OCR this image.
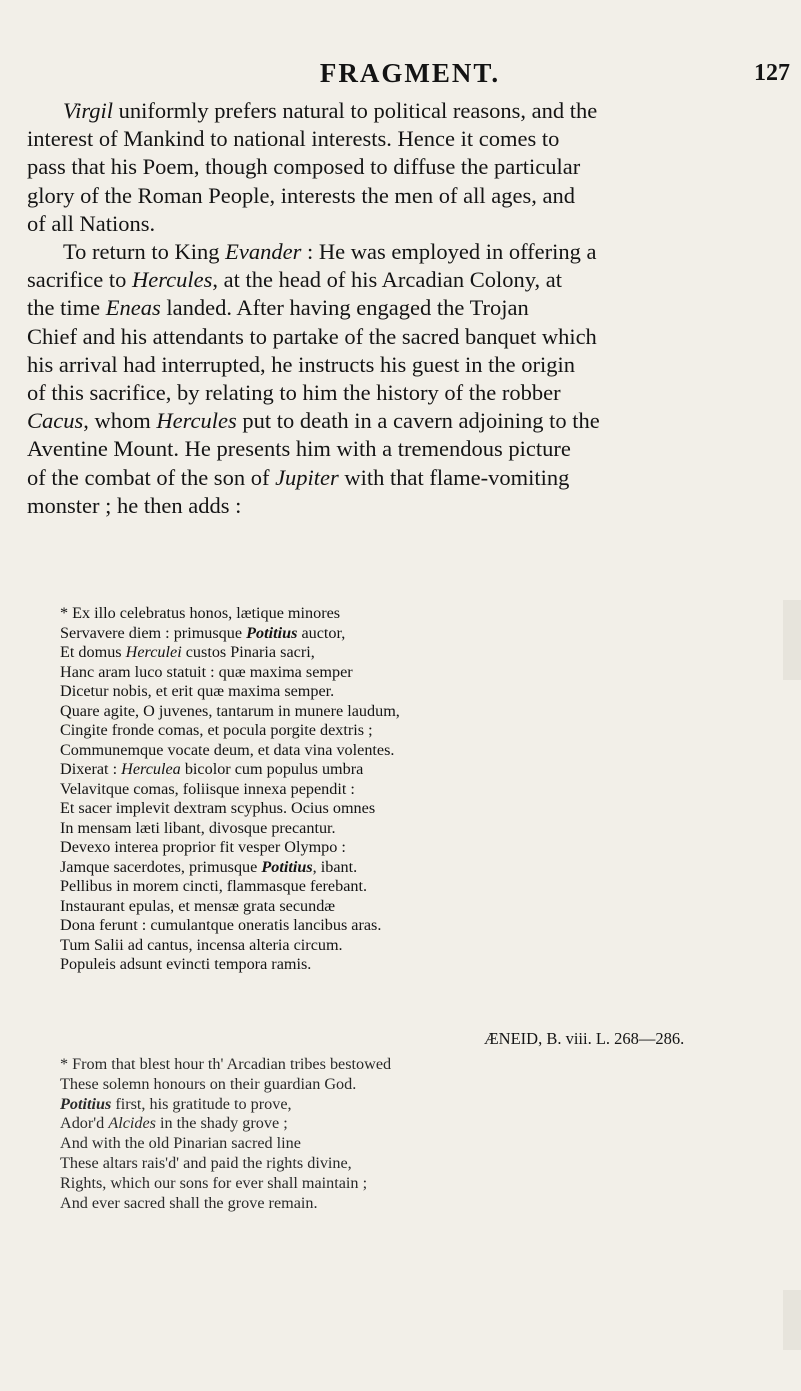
FRAGMENT.	127

Virgil uniformly prefers natural to political reasons, and the
interest of Mankind to national interests. Hence it comes to
pass that his Poem, though composed to diffuse the particular
glory of the Roman People, interests the men of all ages, and
of all Nations.

To return to King Evander : He was employed in offering a
sacrifice to Hercules, at the head of his Arcadian Colony, at
the time Eneas landed. After having engaged the Trojan
Chief and his attendants to partake of the sacred banquet which
his arrival had interrupted, he instructs his guest in the origin
of this sacrifice, by relating to him the history of the robber
Cacus, whom Hercules put to death in a cavern adjoining to the
Aventine Mount. He presents him with a tremendous picture
of the combat of the son of Jupiter with that flame-vomiting
monster ; he then adds :

* Ex illo celebratus honos, lætique minores

Servavere diem : primusque Potitius auctor,

Et domus Herculei custos Pinaria sacri,

Hanc aram luco statuit : quæ maxima semper

Dicetur nobis, et erit quæ maxima semper.

Quare agite, O juvenes, tantarum in munere laudum,

Cingite fronde comas, et pocula porgite dextris ;

Communemque vocate deum, et data vina volentes.

Dixerat : Herculea bicolor cum populus umbra

Velavitque comas, foliisque innexa pependit :

Et sacer implevit dextram scyphus. Ocius omnes

In mensam læti libant, divosque precantur.

Devexo interea proprior fit vesper Olympo :

Jamque sacerdotes, primusque Potitius, ibant.

Pellibus in morem cincti, flammasque ferebant.

Instaurant epulas, et mensæ grata secundæ

Dona ferunt : cumulantque oneratis lancibus aras.

Tum Salii ad cantus, incensa alteria circum.

Populeis adsunt evincti tempora ramis.

ÆNEID, B. viii. L. 268—286.

* From that blest hour th' Arcadian tribes bestowed

These solemn honours on their guardian God.

Potitius first, his gratitude to prove,

Ador'd Alcides in the shady grove ;

And with the old Pinarian sacred line

These altars rais'd' and paid the rights divine,

Rights, which our sons for ever shall maintain ;

And ever sacred shall the grove remain.
